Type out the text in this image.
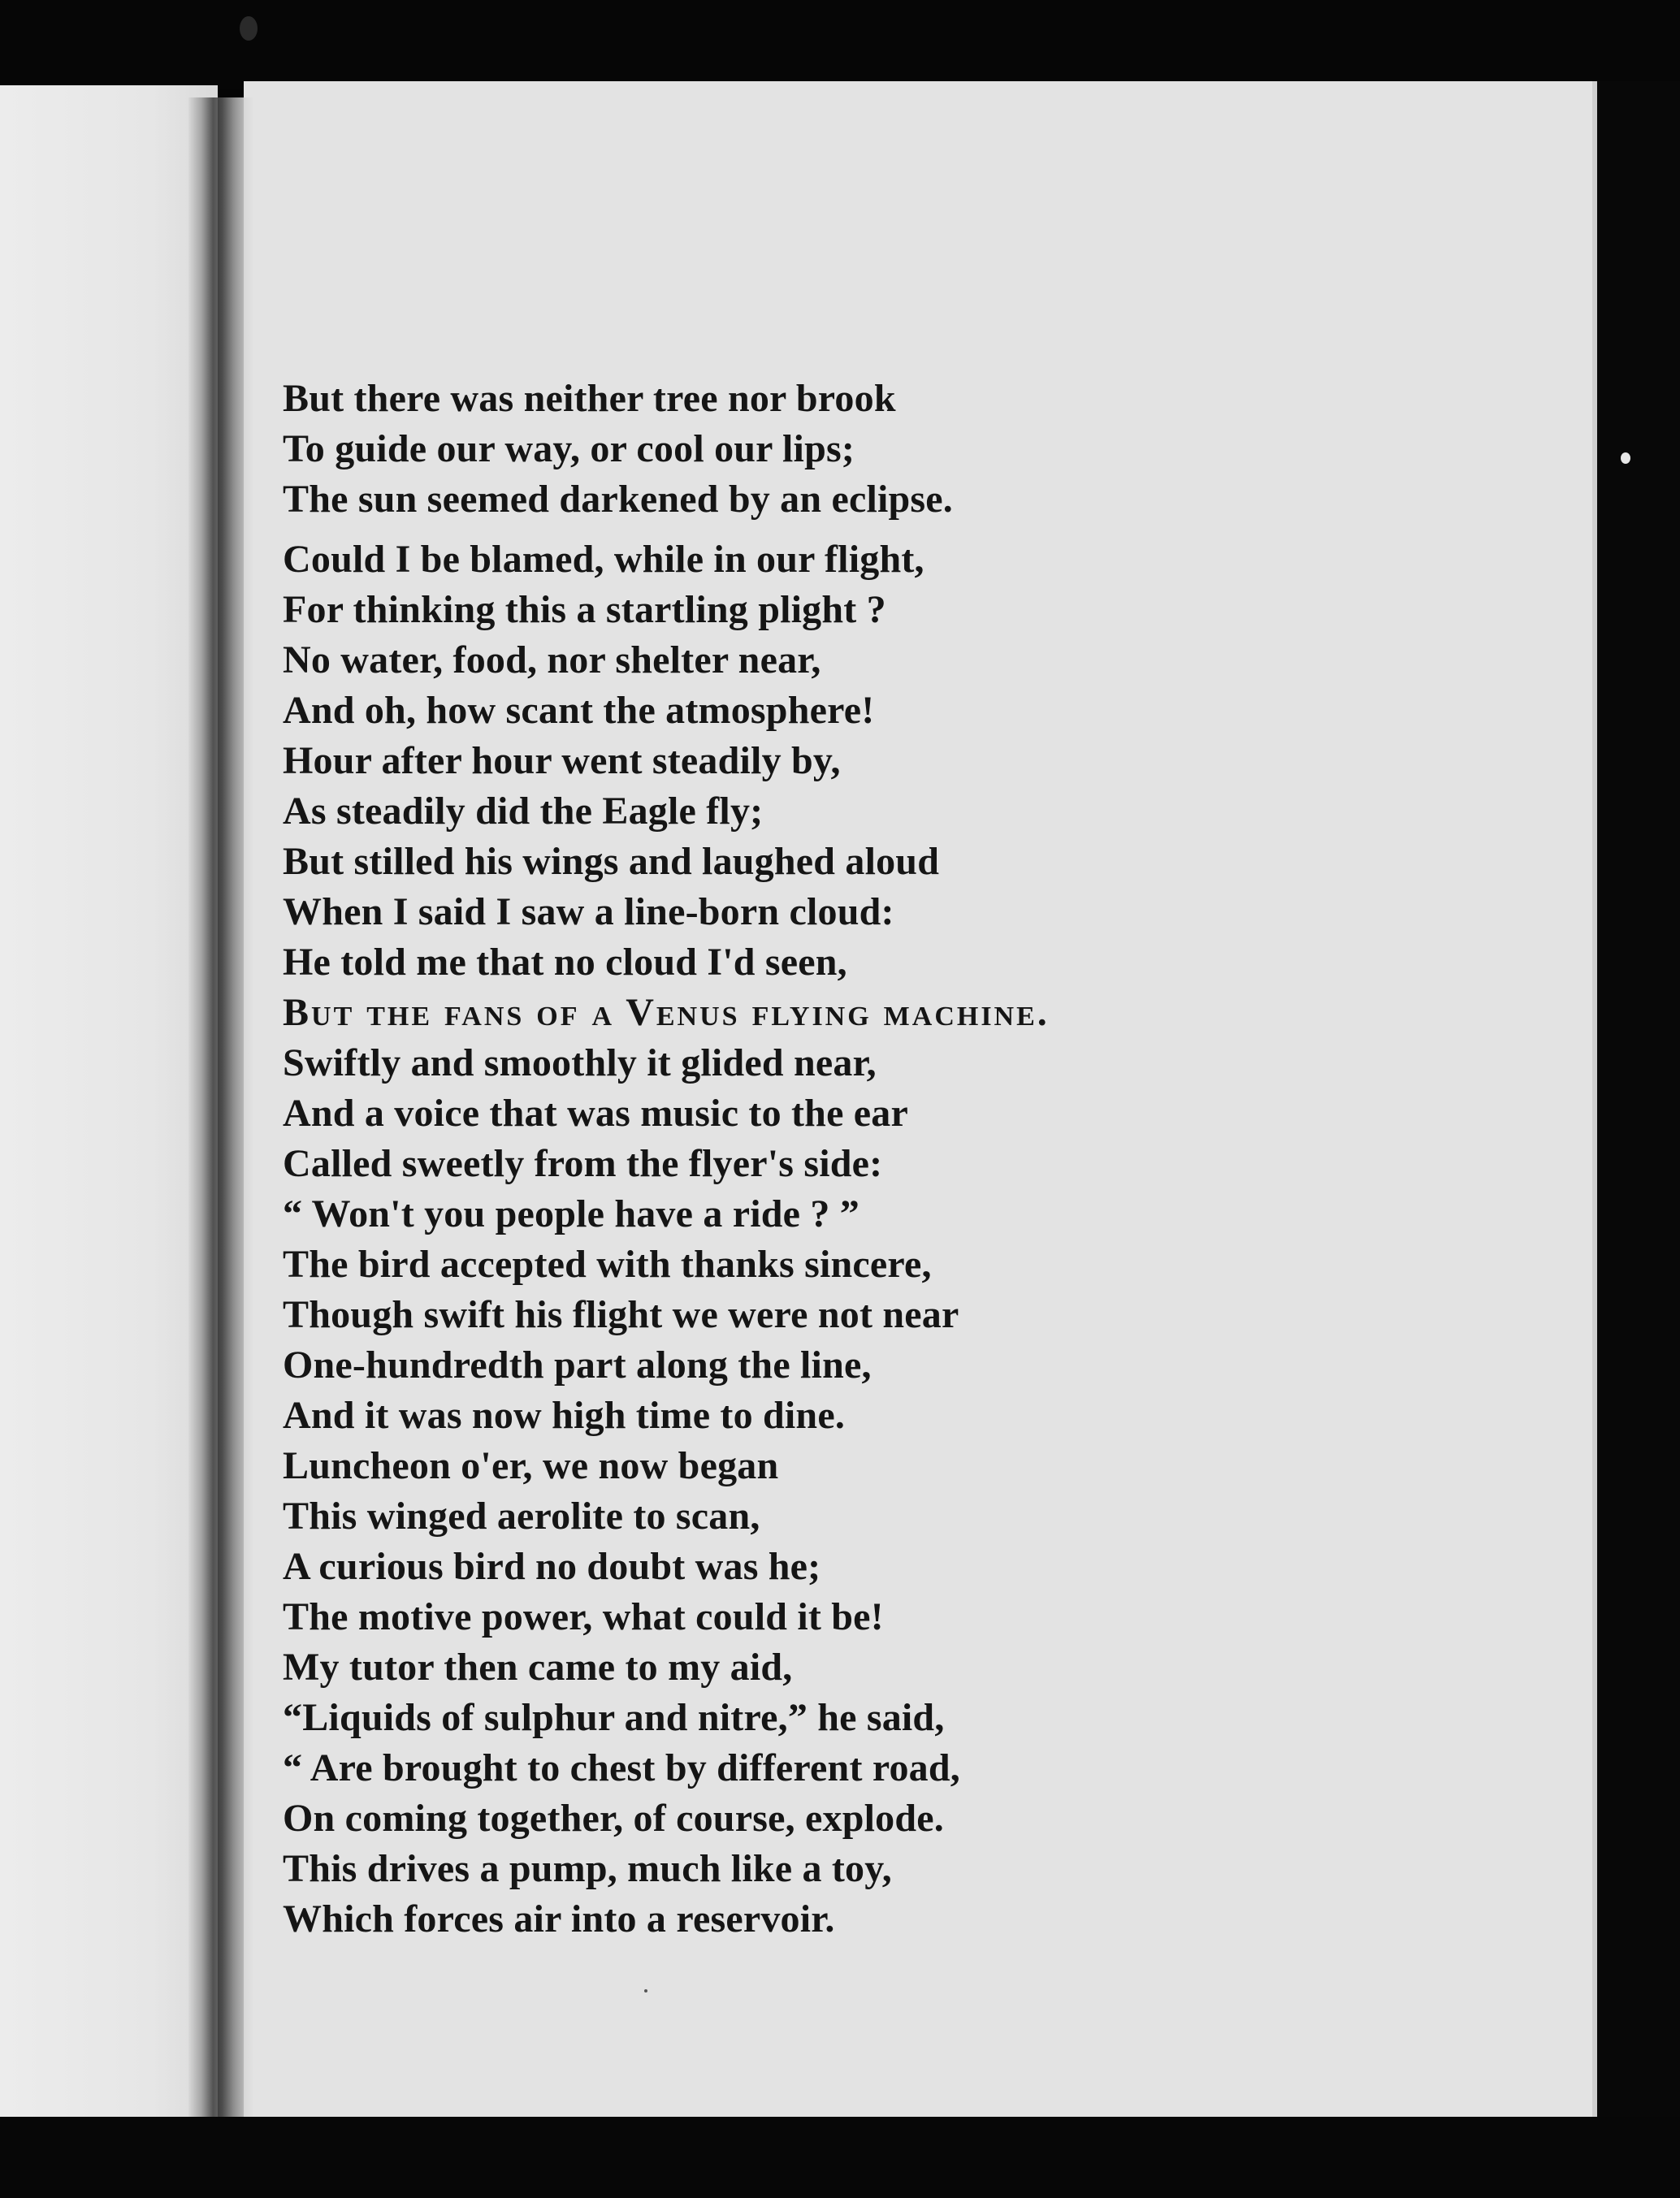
But there was neither tree nor brook
To guide our way, or cool our lips;
The sun seemed darkened by an eclipse.
Could I be blamed, while in our flight,
For thinking this a startling plight ?
No water, food, nor shelter near,
And oh, how scant the atmosphere!
Hour after hour went steadily by,
As steadily did the Eagle fly;
But stilled his wings and laughed aloud
When I said I saw a line-born cloud:
He told me that no cloud I'd seen,
But the fans of a Venus flying machine.
Swiftly and smoothly it glided near,
And a voice that was music to the ear
Called sweetly from the flyer's side:
“ Won't you people have a ride ? ”
The bird accepted with thanks sincere,
Though swift his flight we were not near
One-hundredth part along the line,
And it was now high time to dine.
Luncheon o'er, we now began
This winged aerolite to scan,
A curious bird no doubt was he;
The motive power, what could it be!
My tutor then came to my aid,
“Liquids of sulphur and nitre,” he said,
“ Are brought to chest by different road,
On coming together, of course, explode.
This drives a pump, much like a toy,
Which forces air into a reservoir.
